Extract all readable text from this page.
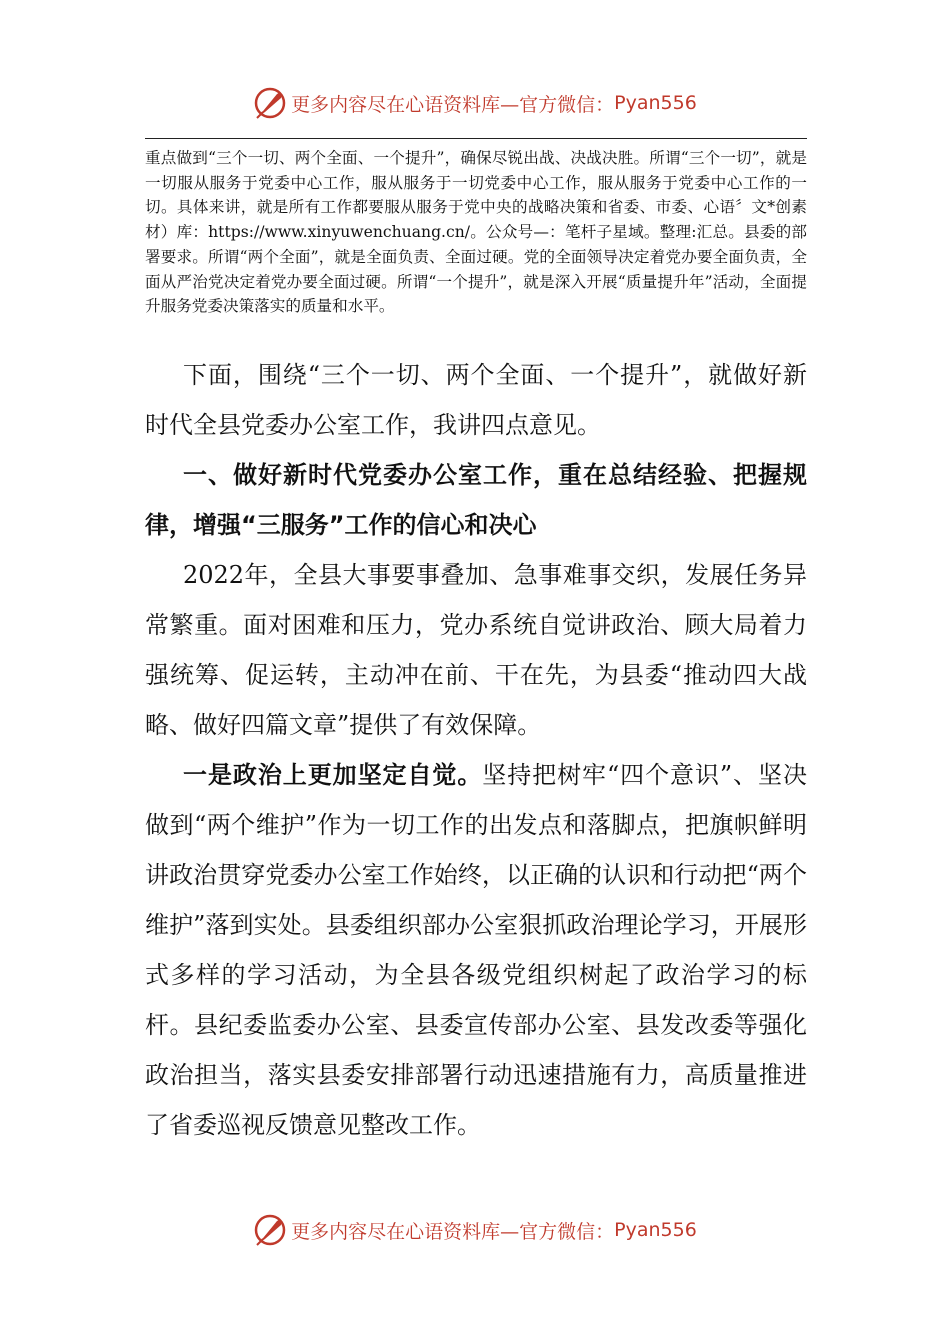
更多内容尽在心语资料库—官方微信： Pyan556

重点做到“三个一切、两个全面、一个提升”，确保尽锐出战、决战决胜。所谓“三个一切”，就是一切服从服务于党委中心工作，服从服务于一切党委中心工作，服从服务于党委中心工作的一切。具体来讲，就是所有工作都要服从服务于党中央的战略决策和省委、市委、心语〞文*创素材）库：https://www.xinyuwenchuang.cn/。公众号—：笔杆子星域。整理:汇总。县委的部署要求。所谓“两个全面”，就是全面负责、全面过硬。党的全面领导决定着党办要全面负责，全面从严治党决定着党办要全面过硬。所谓“一个提升”，就是深入开展“质量提升年”活动，全面提升服务党委决策落实的质量和水平。

下面，围绕“三个一切、两个全面、一个提升”，就做好新时代全县党委办公室工作，我讲四点意见。

一、做好新时代党委办公室工作，重在总结经验、把握规律，增强“三服务”工作的信心和决心

2022年，全县大事要事叠加、急事难事交织，发展任务异常繁重。面对困难和压力，党办系统自觉讲政治、顾大局着力强统筹、促运转，主动冲在前、干在先，为县委“推动四大战略、做好四篇文章”提供了有效保障。

一是政治上更加坚定自觉。坚持把树牢“四个意识”、坚决做到“两个维护”作为一切工作的出发点和落脚点，把旗帜鲜明讲政治贯穿党委办公室工作始终，以正确的认识和行动把“两个维护”落到实处。县委组织部办公室狠抓政治理论学习，开展形式多样的学习活动，为全县各级党组织树起了政治学习的标杆。县纪委监委办公室、县委宣传部办公室、县发改委等强化政治担当，落实县委安排部署行动迅速措施有力，高质量推进了省委巡视反馈意见整改工作。

更多内容尽在心语资料库—官方微信： Pyan556
